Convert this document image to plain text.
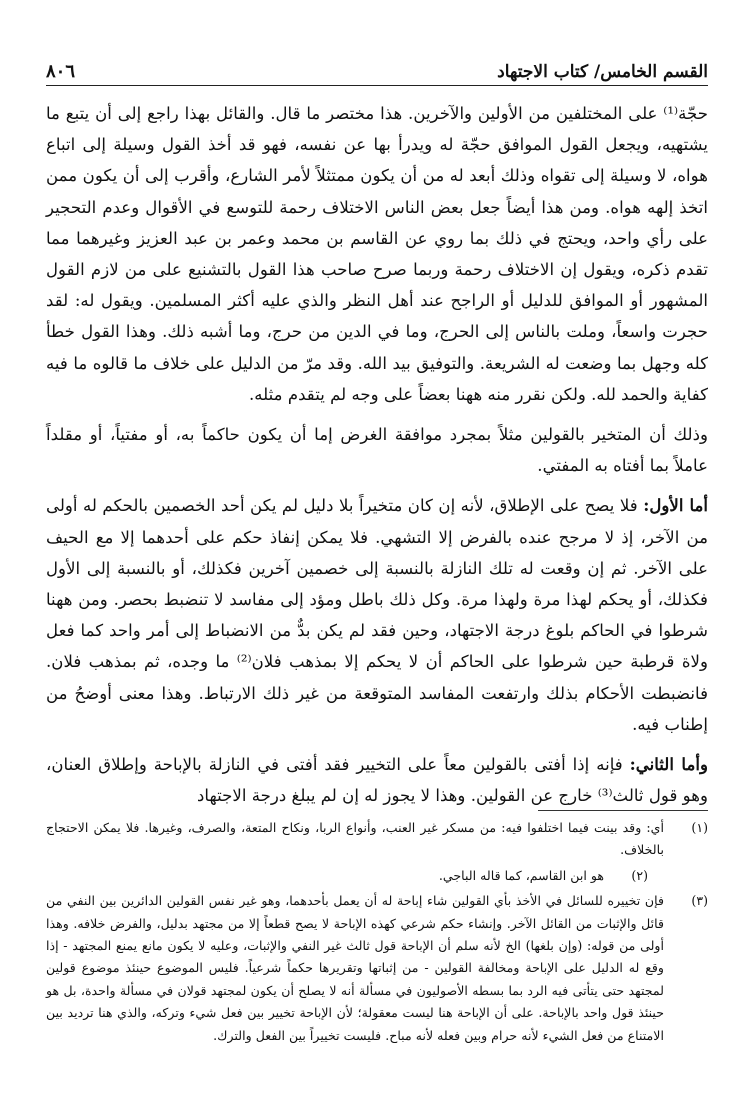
القسم الخامس/ كتاب الاجتهاد
٨٠٦

حجّة⁽¹⁾ على المختلفين من الأولين والآخرين. هذا مختصر ما قال. والقائل بهذا راجع إلى أن يتبع ما يشتهيه، ويجعل القول الموافق حجّة له ويدرأ بها عن نفسه، فهو قد أخذ القول وسيلة إلى اتباع هواه، لا وسيلة إلى تقواه وذلك أبعد له من أن يكون ممتثلاً لأمر الشارع، وأقرب إلى أن يكون ممن اتخذ إلهه هواه. ومن هذا أيضاً جعل بعض الناس الاختلاف رحمة للتوسع في الأقوال وعدم التحجير على رأي واحد، ويحتج في ذلك بما روي عن القاسم بن محمد وعمر بن عبد العزيز وغيرهما مما تقدم ذكره، ويقول إن الاختلاف رحمة وربما صرح صاحب هذا القول بالتشنيع على من لازم القول المشهور أو الموافق للدليل أو الراجح عند أهل النظر والذي عليه أكثر المسلمين. ويقول له: لقد حجرت واسعاً، وملت بالناس إلى الحرج، وما في الدين من حرج، وما أشبه ذلك. وهذا القول خطأ كله وجهل بما وضعت له الشريعة. والتوفيق بيد الله. وقد مرّ من الدليل على خلاف ما قالوه ما فيه كفاية والحمد لله. ولكن نقرر منه ههنا بعضاً على وجه لم يتقدم مثله.

وذلك أن المتخير بالقولين مثلاً بمجرد موافقة الغرض إما أن يكون حاكماً به، أو مفتياً، أو مقلداً عاملاً بما أفتاه به المفتي.

أما الأول: فلا يصح على الإطلاق، لأنه إن كان متخيراً بلا دليل لم يكن أحد الخصمين بالحكم له أولى من الآخر، إذ لا مرجح عنده بالفرض إلا التشهي. فلا يمكن إنفاذ حكم على أحدهما إلا مع الحيف على الآخر. ثم إن وقعت له تلك النازلة بالنسبة إلى خصمين آخرين فكذلك، أو بالنسبة إلى الأول فكذلك، أو يحكم لهذا مرة ولهذا مرة. وكل ذلك باطل ومؤد إلى مفاسد لا تنضبط بحصر. ومن ههنا شرطوا في الحاكم بلوغ درجة الاجتهاد، وحين فقد لم يكن بدٌّ من الانضباط إلى أمر واحد كما فعل ولاة قرطبة حين شرطوا على الحاكم أن لا يحكم إلا بمذهب فلان⁽²⁾ ما وجده، ثم بمذهب فلان. فانضبطت الأحكام بذلك وارتفعت المفاسد المتوقعة من غير ذلك الارتباط. وهذا معنى أوضحُ من إطناب فيه.

وأما الثاني: فإنه إذا أفتى بالقولين معاً على التخيير فقد أفتى في النازلة بالإباحة وإطلاق العنان، وهو قول ثالث⁽³⁾ خارج عن القولين. وهذا لا يجوز له إن لم يبلغ درجة الاجتهاد

(١)
أي: وقد بينت فيما اختلفوا فيه: من مسكر غير العنب، وأنواع الربا، ونكاح المتعة، والصرف، وغيرها. فلا يمكن الاحتجاج بالخلاف.
(٢)
هو ابن القاسم، كما قاله الباجي.
(٣)
فإن تخييره للسائل في الأخذ بأي القولين شاء إباحة له أن يعمل بأحدهما، وهو غير نفس القولين الدائرين بين النفي من قائل والإثبات من القائل الآخر. وإنشاء حكم شرعي كهذه الإباحة لا يصح قطعاً إلا من مجتهد بدليل، والفرض خلافه. وهذا أولى من قوله: (وإن بلغها) الخ لأنه سلم أن الإباحة قول ثالث غير النفي والإثبات، وعليه لا يكون مانع يمنع المجتهد - إذا وقع له الدليل على الإباحة ومخالفة القولين - من إثباتها وتقريرها حكماً شرعياً. فليس الموضوع حينئذ موضوع قولين لمجتهد حتى يتأتى فيه الرد بما بسطه الأصوليون في مسألة أنه لا يصلح أن يكون لمجتهد قولان في مسألة واحدة، بل هو حينئذ قول واحد بالإباحة. على أن الإباحة هنا ليست معقولة؛ لأن الإباحة تخيير بين فعل شيء وتركه، والذي هنا ترديد بين الامتناع من فعل الشيء لأنه حرام وبين فعله لأنه مباح. فليست تخييراً بين الفعل والترك.
